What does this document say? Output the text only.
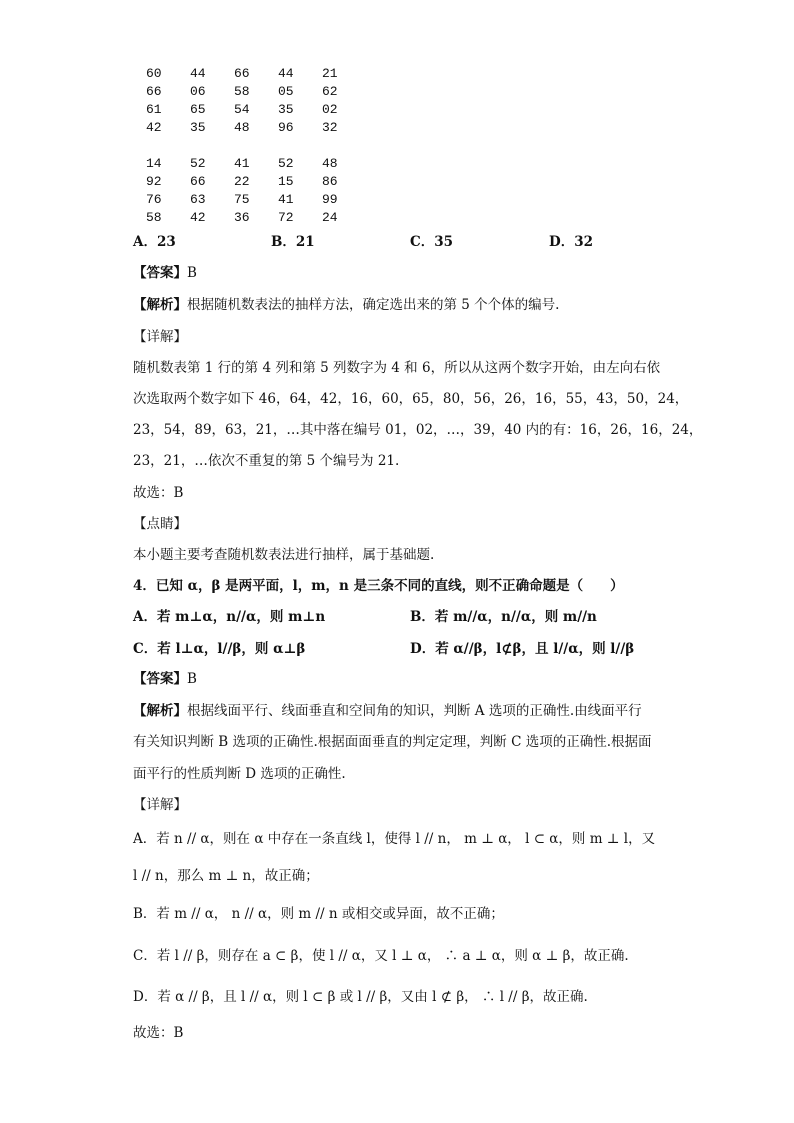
60 44 66 44 21
66 06 58 05 62
61 65 54 35 02
42 35 48 96 32
14 52 41 52 48
92 66 22 15 86
76 63 75 41 99
58 42 36 72 24
A．23	B．21	C．35	D．32
【答案】B
【解析】根据随机数表法的抽样方法，确定选出来的第 5 个个体的编号.
【详解】
随机数表第 1 行的第 4 列和第 5 列数字为 4 和 6，所以从这两个数字开始，由左向右依
次选取两个数字如下 46，64，42，16，60，65，80，56，26，16，55，43，50，24，
23，54，89，63，21，…其中落在编号 01，02，…，39，40 内的有：16，26，16，24，
23，21，…依次不重复的第 5 个编号为 21.
故选：B
【点睛】
本小题主要考查随机数表法进行抽样，属于基础题.
4．已知 α，β 是两平面，l，m，n 是三条不同的直线，则不正确命题是（　　）
A．若 m⊥α，n//α，则 m⊥n	B．若 m//α，n//α，则 m//n
C．若 l⊥α，l//β，则 α⊥β	D．若 α//β，l⊄β，且 l//α，则 l//β
【答案】B
【解析】根据线面平行、线面垂直和空间角的知识，判断 A 选项的正确性.由线面平行
有关知识判断 B 选项的正确性.根据面面垂直的判定定理，判断 C 选项的正确性.根据面
面平行的性质判断 D 选项的正确性.
【详解】
A．若 n // α，则在 α 中存在一条直线 l，使得 l // n， m ⊥ α， l ⊂ α，则 m ⊥ l，又
l // n，那么 m ⊥ n，故正确；
B．若 m // α， n // α，则 m // n 或相交或异面，故不正确；
C．若 l // β，则存在 a ⊂ β，使 l // α，又 l ⊥ α， ∴ a ⊥ α，则 α ⊥ β，故正确.
D．若 α // β，且 l // α，则 l ⊂ β 或 l // β，又由 l ⊄ β， ∴ l // β，故正确.
故选：B
